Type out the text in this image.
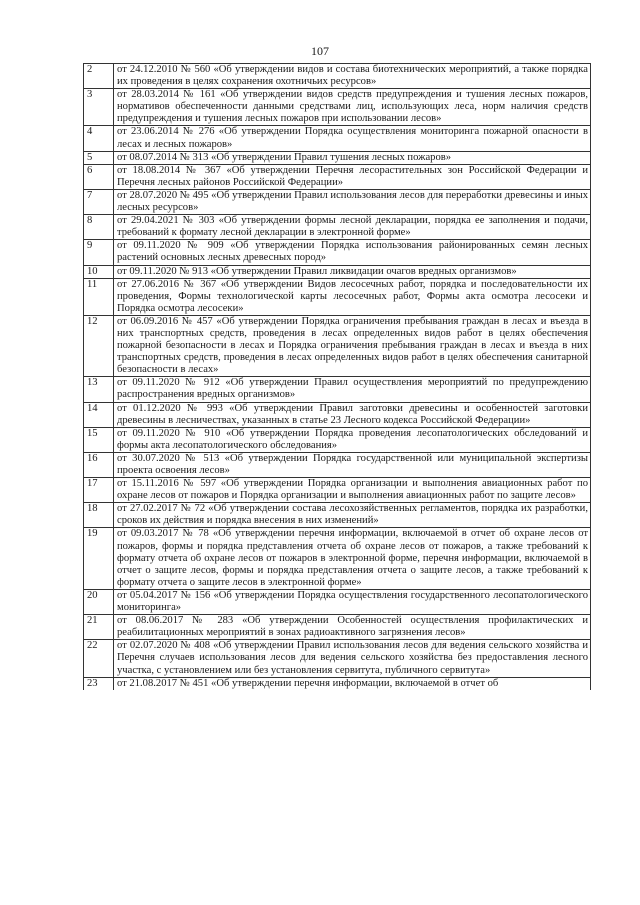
107
2	от 24.12.2010 № 560 «Об утверждении видов и состава биотехнических мероприятий, а также порядка их проведения в целях сохранения охотничьих ресурсов»
3	от 28.03.2014 № 161 «Об утверждении видов средств предупреждения и тушения лесных пожаров, нормативов обеспеченности данными средствами лиц, использующих леса, норм наличия средств предупреждения и тушения лесных пожаров при использовании лесов»
4	от 23.06.2014 № 276 «Об утверждении Порядка осуществления мониторинга пожарной опасности в лесах и лесных пожаров»
5	от 08.07.2014 № 313 «Об утверждении Правил тушения лесных пожаров»
6	от 18.08.2014 № 367 «Об утверждении Перечня лесорастительных зон Российской Федерации и Перечня лесных районов Российской Федерации»
7	от 28.07.2020 № 495 «Об утверждении Правил использования лесов для переработки древесины и иных лесных ресурсов»
8	от 29.04.2021 № 303 «Об утверждении формы лесной декларации, порядка ее заполнения и подачи, требований к формату лесной декларации в электронной форме»
9	от 09.11.2020 № 909 «Об утверждении Порядка использования районированных семян лесных растений основных лесных древесных пород»
10	от 09.11.2020 № 913 «Об утверждении Правил ликвидации очагов вредных организмов»
11	от 27.06.2016 № 367 «Об утверждении Видов лесосечных работ, порядка и последовательности их проведения, Формы технологической карты лесосечных работ, Формы акта осмотра лесосеки и Порядка осмотра лесосеки»
12	от 06.09.2016 № 457 «Об утверждении Порядка ограничения пребывания граждан в лесах и въезда в них транспортных средств, проведения в лесах определенных видов работ в целях обеспечения пожарной безопасности в лесах и Порядка ограничения пребывания граждан в лесах и въезда в них транспортных средств, проведения в лесах определенных видов работ в целях обеспечения санитарной безопасности в лесах»
13	от 09.11.2020 № 912 «Об утверждении Правил осуществления мероприятий по предупреждению распространения вредных организмов»
14	от 01.12.2020 № 993 «Об утверждении Правил заготовки древесины и особенностей заготовки древесины в лесничествах, указанных в статье 23 Лесного кодекса Российской Федерации»
15	от 09.11.2020 № 910 «Об утверждении Порядка проведения лесопатологических обследований и формы акта лесопатологического обследования»
16	от 30.07.2020 № 513 «Об утверждении Порядка государственной или муниципальной экспертизы проекта освоения лесов»
17	от 15.11.2016 № 597 «Об утверждении Порядка организации и выполнения авиационных работ по охране лесов от пожаров и Порядка организации и выполнения авиационных работ по защите лесов»
18	от 27.02.2017 № 72 «Об утверждении состава лесохозяйственных регламентов, порядка их разработки, сроков их действия и порядка внесения в них изменений»
19	от 09.03.2017 № 78 «Об утверждении перечня информации, включаемой в отчет об охране лесов от пожаров, формы и порядка представления отчета об охране лесов от пожаров, а также требований к формату отчета об охране лесов от пожаров в электронной форме, перечня информации, включаемой в отчет о защите лесов, формы и порядка представления отчета о защите лесов, а также требований к формату отчета о защите лесов в электронной форме»
20	от 05.04.2017 № 156 «Об утверждении Порядка осуществления государственного лесопатологического мониторинга»
21	от 08.06.2017 № 283 «Об утверждении Особенностей осуществления профилактических и реабилитационных мероприятий в зонах радиоактивного загрязнения лесов»
22	от 02.07.2020 № 408 «Об утверждении Правил использования лесов для ведения сельского хозяйства и Перечня случаев использования лесов для ведения сельского хозяйства без предоставления лесного участка, с установлением или без установления сервитута, публичного сервитута»
23	от 21.08.2017 № 451 «Об утверждении перечня информации, включаемой в отчет об
